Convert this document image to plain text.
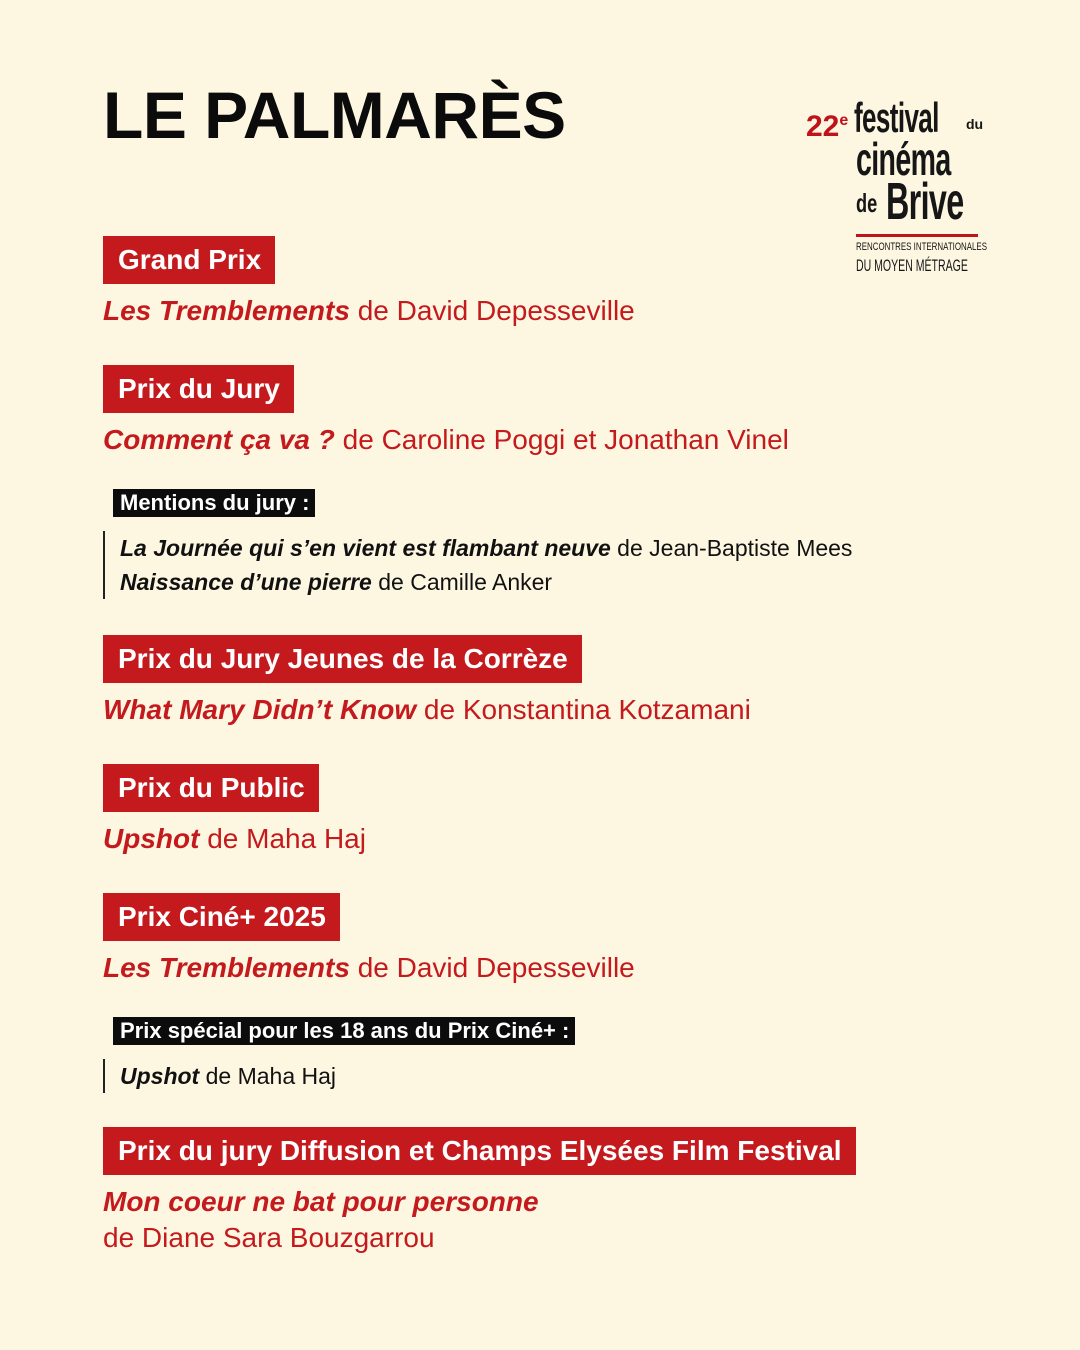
LE PALMARÈS	22e festival du
cinéma
de Brive
RENCONTRES INTERNATIONALES
DU MOYEN MÉTRAGE
Grand Prix
Les Tremblements de David Depesseville
Prix du Jury
Comment ça va ? de Caroline Poggi et Jonathan Vinel
Mentions du jury :
La Journée qui s’en vient est flambant neuve de Jean-Baptiste Mees
Naissance d’une pierre de Camille Anker
Prix du Jury Jeunes de la Corrèze
What Mary Didn’t Know de Konstantina Kotzamani
Prix du Public
Upshot de Maha Haj
Prix Ciné+ 2025
Les Tremblements de David Depesseville
Prix spécial pour les 18 ans du Prix Ciné+ :
Upshot de Maha Haj
Prix du jury Diffusion et Champs Elysées Film Festival
Mon coeur ne bat pour personne
de Diane Sara Bouzgarrou
